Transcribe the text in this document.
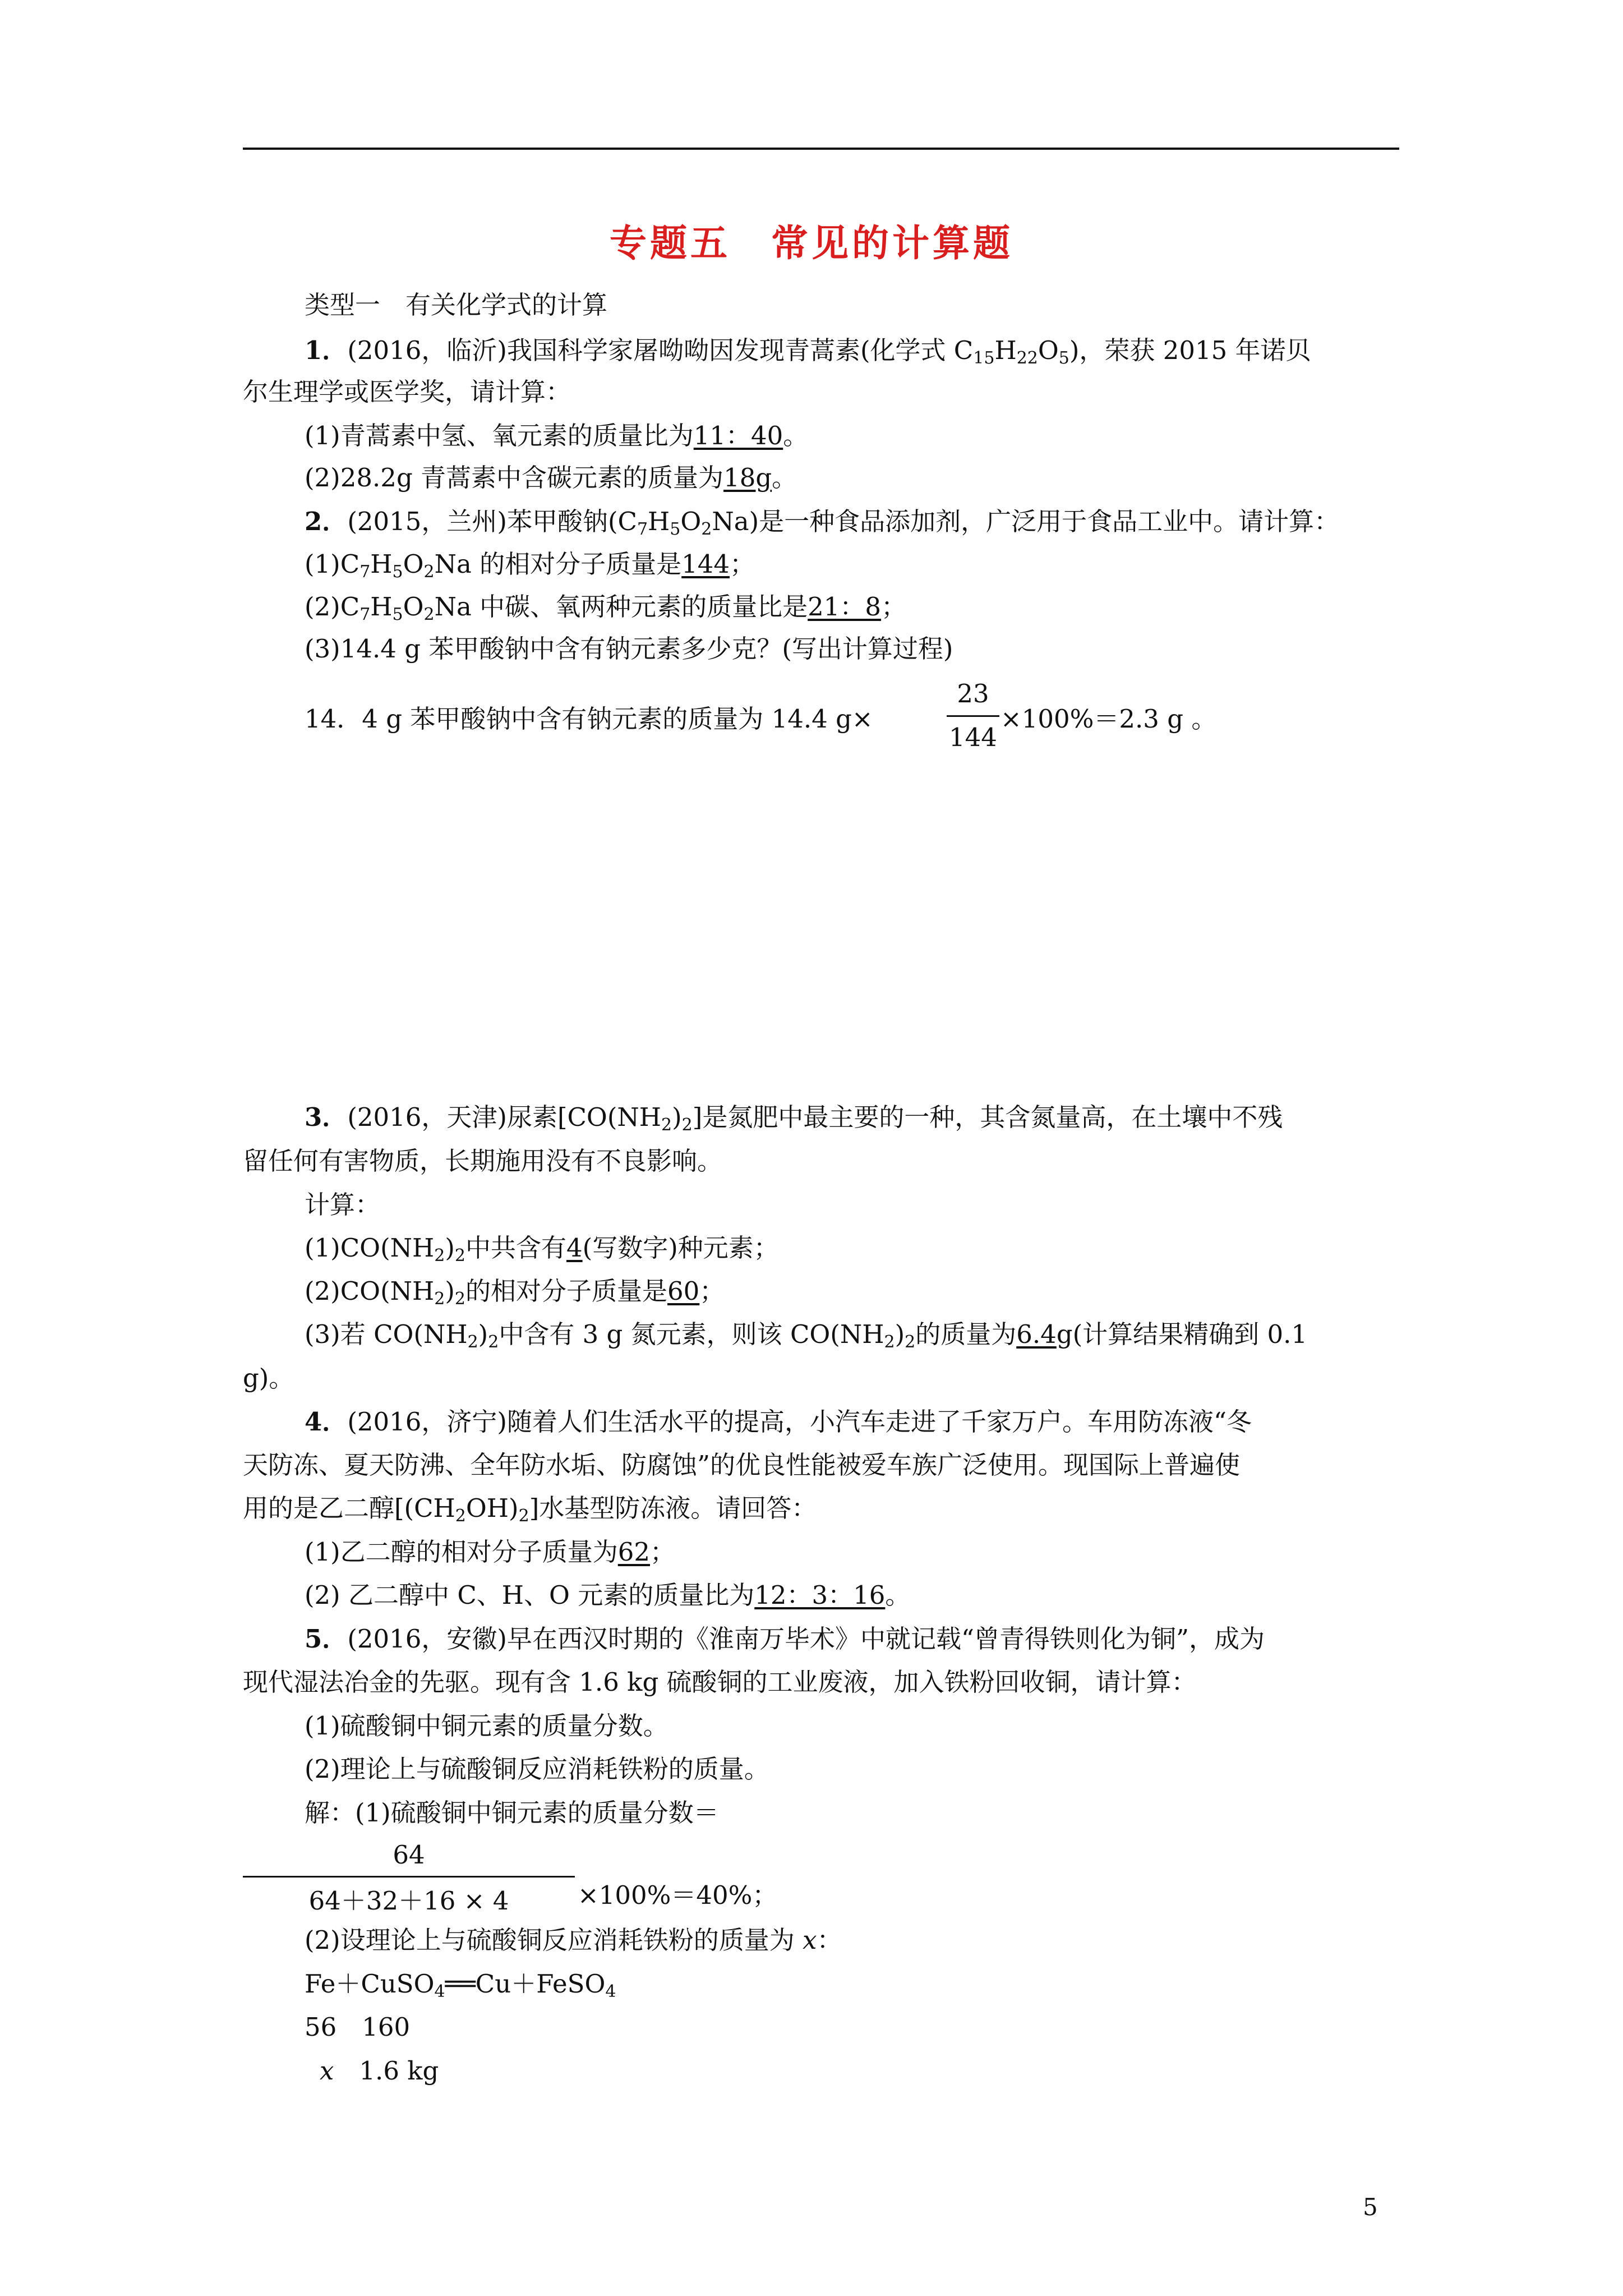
专题五　常见的计算题
类型一　有关化学式的计算
1．(2016，临沂)我国科学家屠呦呦因发现青蒿素(化学式 $C_{15}H_{22}O_5$)，荣获 2015 年诺贝
尔生理学或医学奖，请计算：
(1)青蒿素中氢、氧元素的质量比为11：40。
(2)28.2g 青蒿素中含碳元素的质量为18g。
2．(2015，兰州)苯甲酸钠$(C_7H_5O_2Na)$是一种食品添加剂，广泛用于食品工业中。请计算：
$(1)C_7H_5O_2Na$ 的相对分子质量是144；
$(2)C_7H_5O_2Na$ 中碳、氧两种元素的质量比是21：8；
(3)14.4 g 苯甲酸钠中含有钠元素多少克？(写出计算过程)
14．4 g 苯甲酸钠中含有钠元素的质量为 14.4 g×
23
144
×100%＝2.3 g 。
3．(2016，天津)尿素$[CO(NH_2)_2]$是氮肥中最主要的一种，其含氮量高，在土壤中不残
留任何有害物质，长期施用没有不良影响。
计算：
$(1)CO(NH_2)_2$中共含有4(写数字)种元素；
$(2)CO(NH_2)_2$的相对分子质量是60；
(3)若 $CO(NH_2)_2$中含有 3 g 氮元素，则该 $CO(NH_2)_2$的质量为6.4g(计算结果精确到 0.1
g)。
4．(2016，济宁)随着人们生活水平的提高，小汽车走进了千家万户。车用防冻液“冬
天防冻、夏天防沸、全年防水垢、防腐蚀”的优良性能被爱车族广泛使用。现国际上普遍使
用的是乙二醇$[(CH_2OH)_2]$水基型防冻液。请回答：
(1)乙二醇的相对分子质量为62；
(2) 乙二醇中 C、H、O 元素的质量比为12：3：16。
5．(2016，安徽)早在西汉时期的《淮南万毕术》中就记载“曾青得铁则化为铜”，成为
现代湿法冶金的先驱。现有含 1.6 kg 硫酸铜的工业废液，加入铁粉回收铜，请计算：
(1)硫酸铜中铜元素的质量分数。
(2)理论上与硫酸铜反应消耗铁粉的质量。
解：(1)硫酸铜中铜元素的质量分数＝
64
64＋32＋16 × 4	×100%＝40%；
(2)设理论上与硫酸铜反应消耗铁粉的质量为 x：
Fe＋CuSO$_4$══Cu＋FeSO$_4$
56　160
x　1.6 kg
5
